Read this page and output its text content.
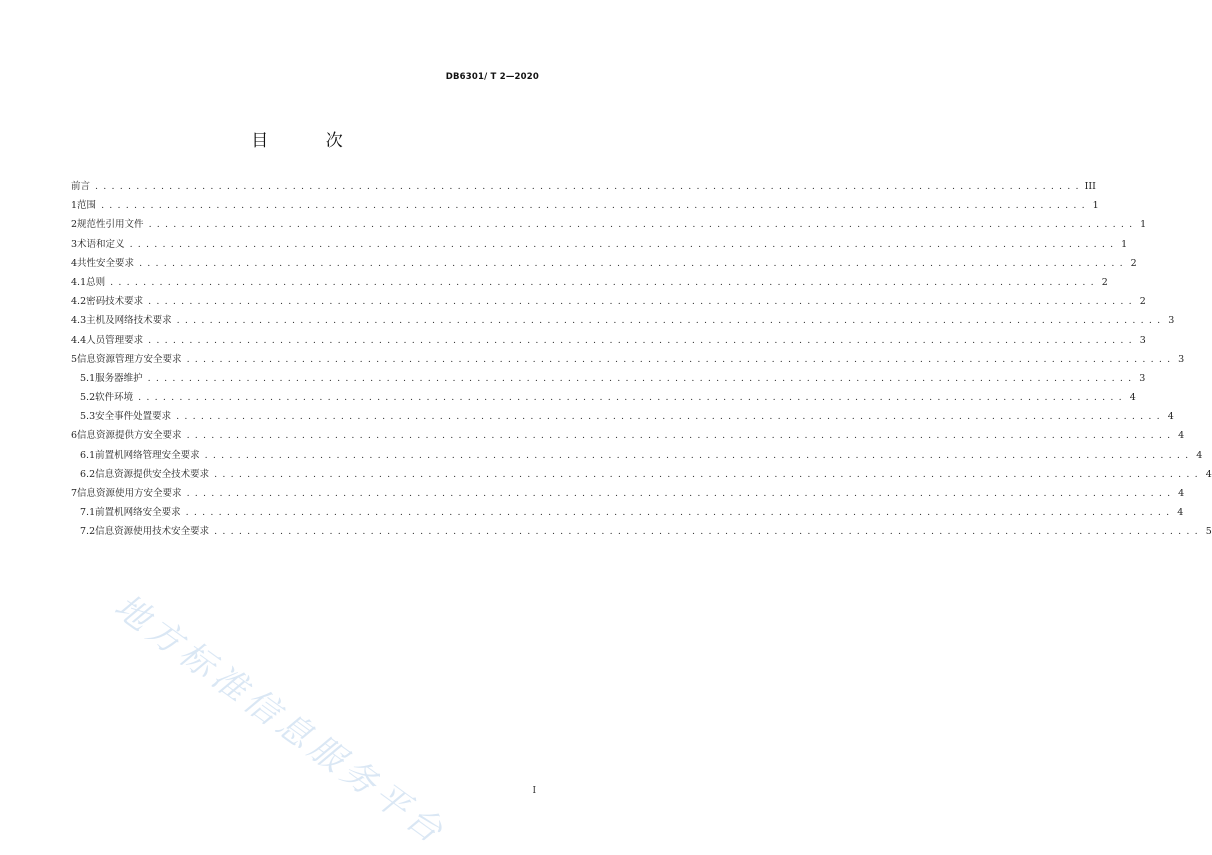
DB6301/ T 2—2020
目 次
前 言 . . . . . . . . . . . . . . . . . . . . . . . . . . . . . . . . . . . . . . . . . . . . . . . . . . . . . . . . . . . . . . . . . . . . . . . . . . . . . . . . . . . . . . . . . . . . . . . . . . . . . . . . . . . . . . . . . . . . . . . . III
1 范围 . . . . . . . . . . . . . . . . . . . . . . . . . . . . . . . . . . . . . . . . . . . . . . . . . . . . . . . . . . . . . . . . . . . . . . . . . . . . . . . . . . . . . . . . . . . . . . . . . . . . . . . . . . . . . . . . . . . . . . . . 1
2 规范性引用文件 . . . . . . . . . . . . . . . . . . . . . . . . . . . . . . . . . . . . . . . . . . . . . . . . . . . . . . . . . . . . . . . . . . . . . . . . . . . . . . . . . . . . . . . . . . . . . . . . . . . . . . . . . . . . . . . . . . . . . . . . 1
3 术语和定义 . . . . . . . . . . . . . . . . . . . . . . . . . . . . . . . . . . . . . . . . . . . . . . . . . . . . . . . . . . . . . . . . . . . . . . . . . . . . . . . . . . . . . . . . . . . . . . . . . . . . . . . . . . . . . . . . . . . . . . . . 1
4 共性安全要求 . . . . . . . . . . . . . . . . . . . . . . . . . . . . . . . . . . . . . . . . . . . . . . . . . . . . . . . . . . . . . . . . . . . . . . . . . . . . . . . . . . . . . . . . . . . . . . . . . . . . . . . . . . . . . . . . . . . . . . . . 2
4.1 总则 . . . . . . . . . . . . . . . . . . . . . . . . . . . . . . . . . . . . . . . . . . . . . . . . . . . . . . . . . . . . . . . . . . . . . . . . . . . . . . . . . . . . . . . . . . . . . . . . . . . . . . . . . . . . . . . . . . . . . . . . 2
4.2 密码技术要求 . . . . . . . . . . . . . . . . . . . . . . . . . . . . . . . . . . . . . . . . . . . . . . . . . . . . . . . . . . . . . . . . . . . . . . . . . . . . . . . . . . . . . . . . . . . . . . . . . . . . . . . . . . . . . . . . . . . . . . . . 2
4.3 主机及网络技术要求 . . . . . . . . . . . . . . . . . . . . . . . . . . . . . . . . . . . . . . . . . . . . . . . . . . . . . . . . . . . . . . . . . . . . . . . . . . . . . . . . . . . . . . . . . . . . . . . . . . . . . . . . . . . . . . . . . . . . . . . . 3
4.4 人员管理要求 . . . . . . . . . . . . . . . . . . . . . . . . . . . . . . . . . . . . . . . . . . . . . . . . . . . . . . . . . . . . . . . . . . . . . . . . . . . . . . . . . . . . . . . . . . . . . . . . . . . . . . . . . . . . . . . . . . . . . . . . 3
5 信息资源管理方安全要求 . . . . . . . . . . . . . . . . . . . . . . . . . . . . . . . . . . . . . . . . . . . . . . . . . . . . . . . . . . . . . . . . . . . . . . . . . . . . . . . . . . . . . . . . . . . . . . . . . . . . . . . . . . . . . . . . . . . . . . . . 3
5.1 服务器维护 . . . . . . . . . . . . . . . . . . . . . . . . . . . . . . . . . . . . . . . . . . . . . . . . . . . . . . . . . . . . . . . . . . . . . . . . . . . . . . . . . . . . . . . . . . . . . . . . . . . . . . . . . . . . . . . . . . . . . . . . 3
5.2 软件环境 . . . . . . . . . . . . . . . . . . . . . . . . . . . . . . . . . . . . . . . . . . . . . . . . . . . . . . . . . . . . . . . . . . . . . . . . . . . . . . . . . . . . . . . . . . . . . . . . . . . . . . . . . . . . . . . . . . . . . . . . 4
5.3 安全事件处置要求 . . . . . . . . . . . . . . . . . . . . . . . . . . . . . . . . . . . . . . . . . . . . . . . . . . . . . . . . . . . . . . . . . . . . . . . . . . . . . . . . . . . . . . . . . . . . . . . . . . . . . . . . . . . . . . . . . . . . . . . . 4
6 信息资源提供方安全要求 . . . . . . . . . . . . . . . . . . . . . . . . . . . . . . . . . . . . . . . . . . . . . . . . . . . . . . . . . . . . . . . . . . . . . . . . . . . . . . . . . . . . . . . . . . . . . . . . . . . . . . . . . . . . . . . . . . . . . . . . 4
6.1 前置机网络管理安全要求 . . . . . . . . . . . . . . . . . . . . . . . . . . . . . . . . . . . . . . . . . . . . . . . . . . . . . . . . . . . . . . . . . . . . . . . . . . . . . . . . . . . . . . . . . . . . . . . . . . . . . . . . . . . . . . . . . . . . . . . . 4
6.2 信息资源提供安全技术要求 . . . . . . . . . . . . . . . . . . . . . . . . . . . . . . . . . . . . . . . . . . . . . . . . . . . . . . . . . . . . . . . . . . . . . . . . . . . . . . . . . . . . . . . . . . . . . . . . . . . . . . . . . . . . . . . . . . . . . . . . 4
7 信息资源使用方安全要求 . . . . . . . . . . . . . . . . . . . . . . . . . . . . . . . . . . . . . . . . . . . . . . . . . . . . . . . . . . . . . . . . . . . . . . . . . . . . . . . . . . . . . . . . . . . . . . . . . . . . . . . . . . . . . . . . . . . . . . . . 4
7.1 前置机网络安全要求 . . . . . . . . . . . . . . . . . . . . . . . . . . . . . . . . . . . . . . . . . . . . . . . . . . . . . . . . . . . . . . . . . . . . . . . . . . . . . . . . . . . . . . . . . . . . . . . . . . . . . . . . . . . . . . . . . . . . . . . . 4
7.2 信息资源使用技术安全要求 . . . . . . . . . . . . . . . . . . . . . . . . . . . . . . . . . . . . . . . . . . . . . . . . . . . . . . . . . . . . . . . . . . . . . . . . . . . . . . . . . . . . . . . . . . . . . . . . . . . . . . . . . . . . . . . . . . . . . . . . 5
地方标准信息服务平台	I
